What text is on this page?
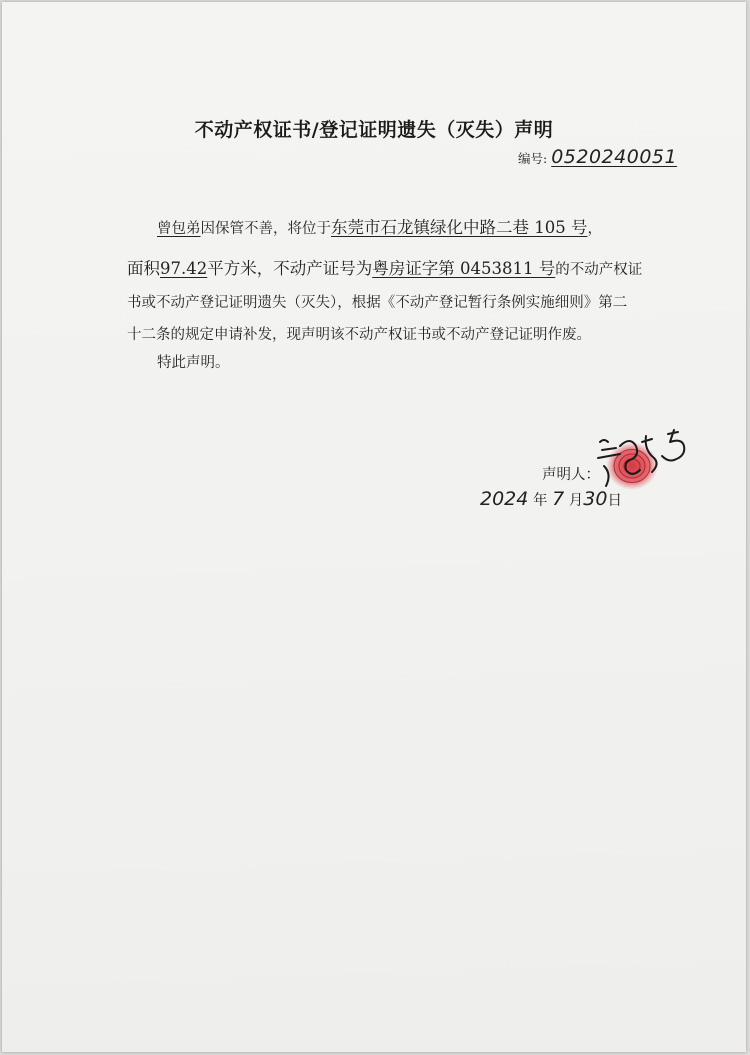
不动产权证书/登记证明遗失（灭失）声明
编号: 0520240051
曾包弟因保管不善，将位于东莞市石龙镇绿化中路二巷 105 号，
面积97.42平方米，不动产证号为粤房证字第 0453811 号的不动产权证
书或不动产登记证明遗失（灭失），根据《不动产登记暂行条例实施细则》第二
十二条的规定申请补发，现声明该不动产权证书或不动产登记证明作废。
特此声明。
声明人：
2024 年 7 月30日
